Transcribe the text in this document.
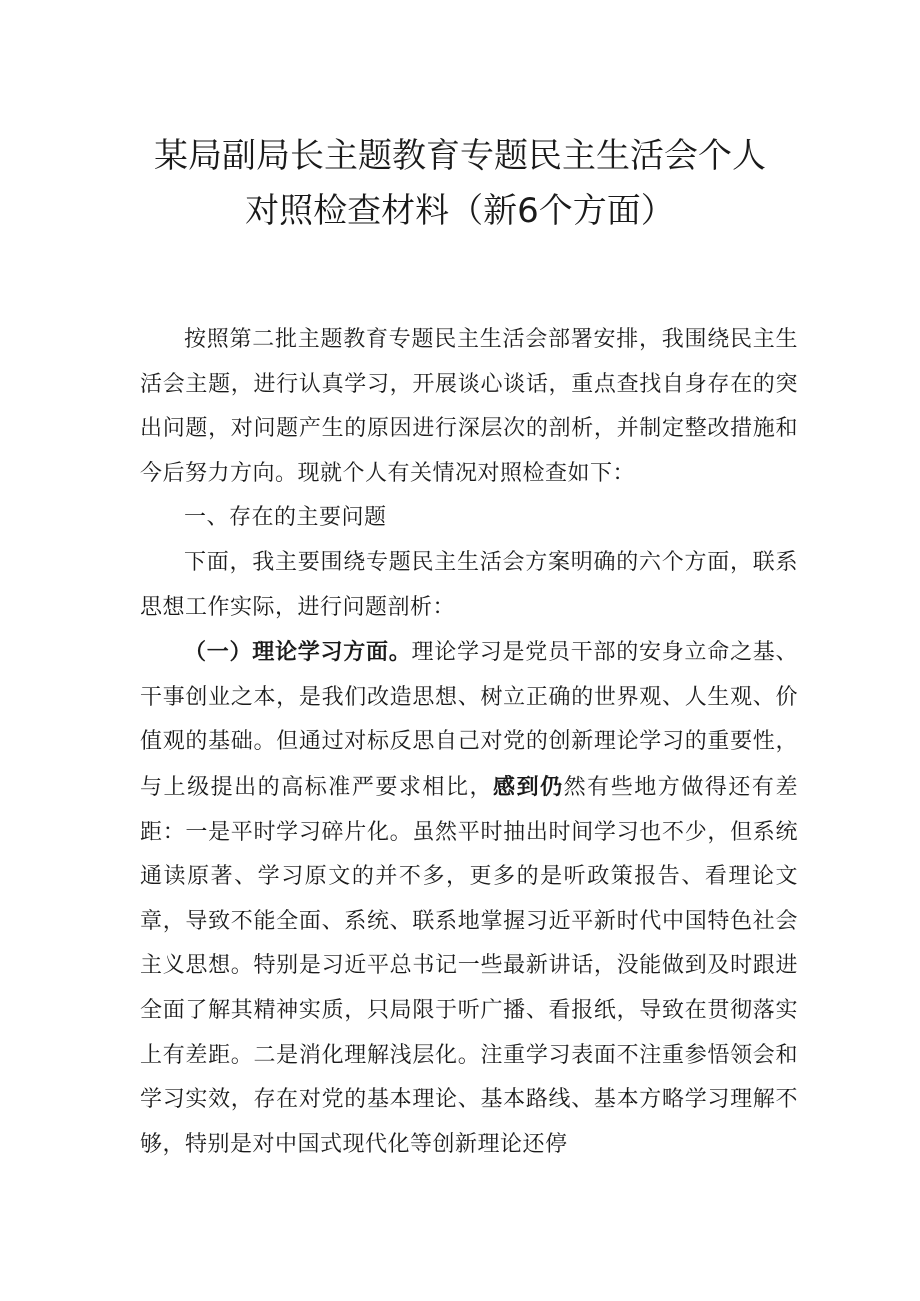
某局副局长主题教育专题民主生活会个人
对照检查材料（新6个方面）

按照第二批主题教育专题民主生活会部署安排，我围绕民主生活会主题，进行认真学习，开展谈心谈话，重点查找自身存在的突出问题，对问题产生的原因进行深层次的剖析，并制定整改措施和今后努力方向。现就个人有关情况对照检查如下：

一、存在的主要问题

下面，我主要围绕专题民主生活会方案明确的六个方面，联系思想工作实际，进行问题剖析：

（一）理论学习方面。理论学习是党员干部的安身立命之基、干事创业之本，是我们改造思想、树立正确的世界观、人生观、价值观的基础。但通过对标反思自己对党的创新理论学习的重要性，与上级提出的高标准严要求相比，感到仍然有些地方做得还有差距：一是平时学习碎片化。虽然平时抽出时间学习也不少，但系统通读原著、学习原文的并不多，更多的是听政策报告、看理论文章，导致不能全面、系统、联系地掌握习近平新时代中国特色社会主义思想。特别是习近平总书记一些最新讲话，没能做到及时跟进全面了解其精神实质，只局限于听广播、看报纸，导致在贯彻落实上有差距。二是消化理解浅层化。注重学习表面不注重参悟领会和学习实效，存在对党的基本理论、基本路线、基本方略学习理解不够，特别是对中国式现代化等创新理论还停
